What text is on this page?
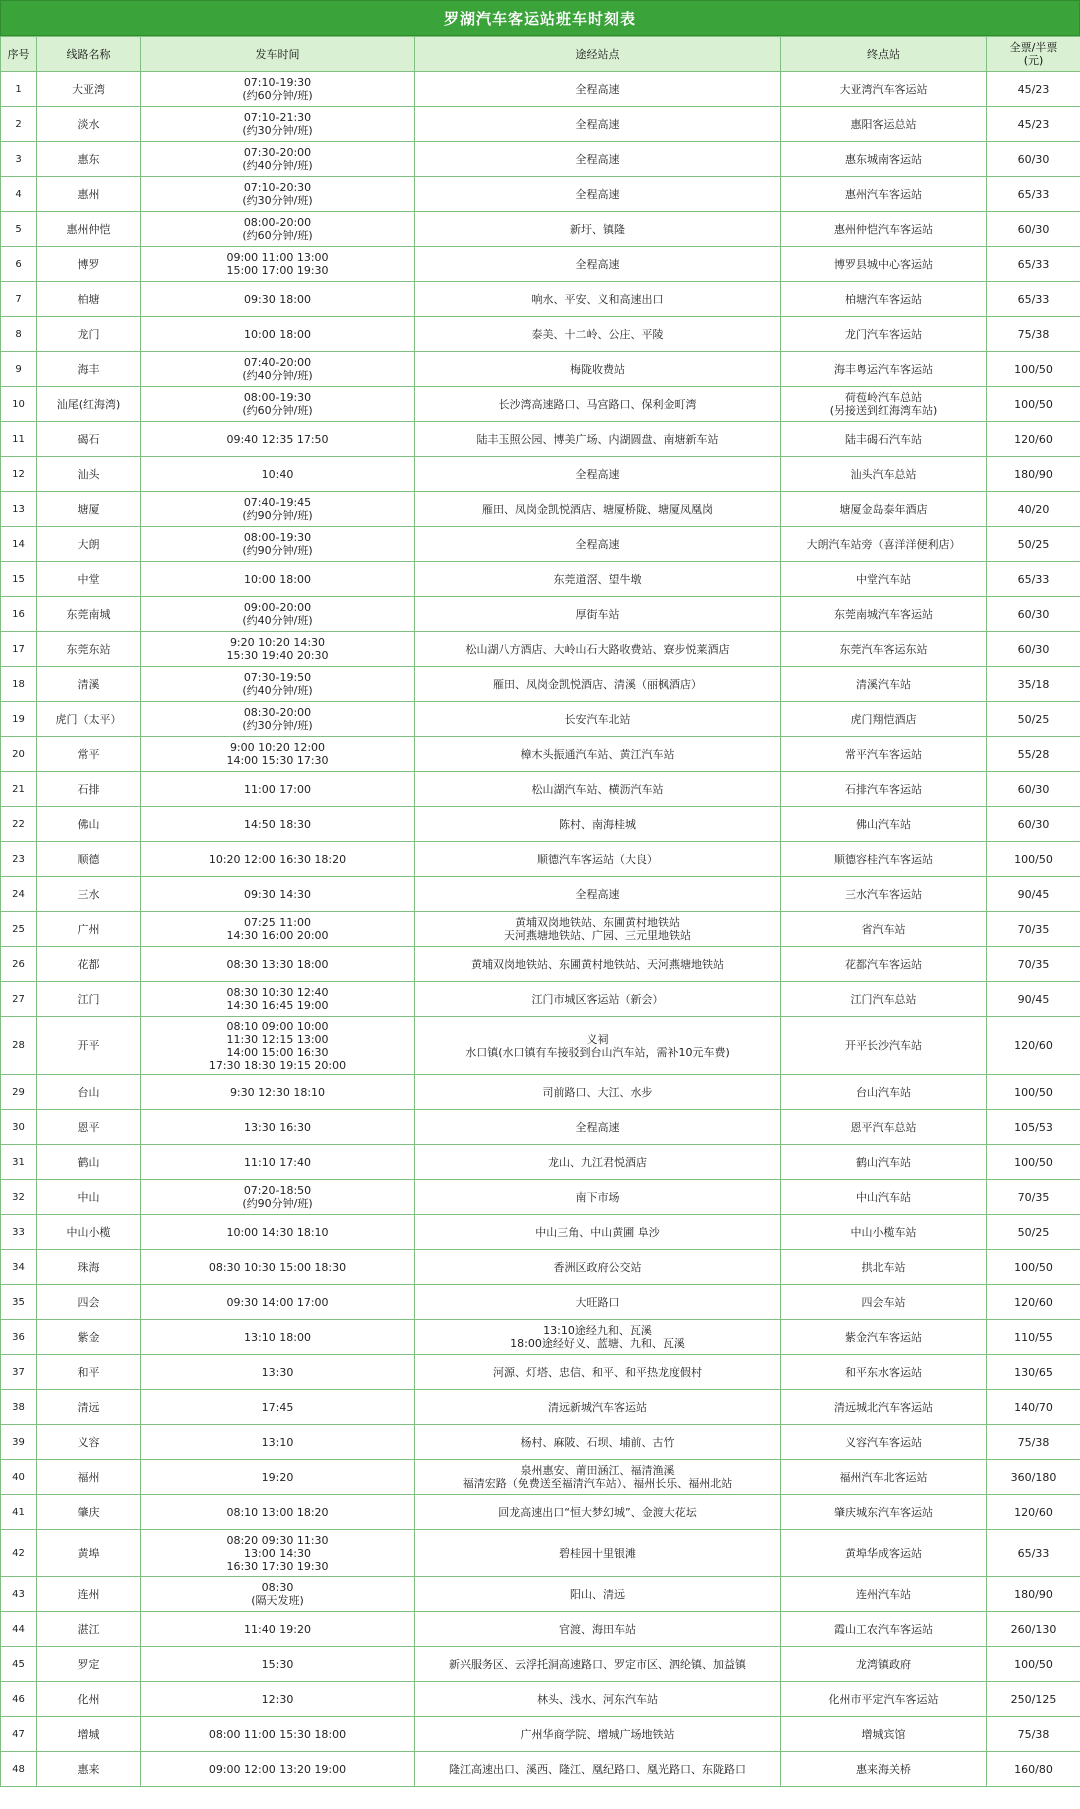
罗湖汽车客运站班车时刻表
序号	线路名称	发车时间	途经站点	终点站	全票/半票
(元)
1	大亚湾	07:10-19:30
(约60分钟/班)	全程高速	大亚湾汽车客运站	45/23
2	淡水	07:10-21:30
(约30分钟/班)	全程高速	惠阳客运总站	45/23
3	惠东	07:30-20:00
(约40分钟/班)	全程高速	惠东城南客运站	60/30
4	惠州	07:10-20:30
(约30分钟/班)	全程高速	惠州汽车客运站	65/33
5	惠州仲恺	08:00-20:00
(约60分钟/班)	新圩、镇隆	惠州仲恺汽车客运站	60/30
6	博罗	09:00 11:00 13:00
15:00 17:00 19:30	全程高速	博罗县城中心客运站	65/33
7	柏塘	09:30 18:00	响水、平安、义和高速出口	柏塘汽车客运站	65/33
8	龙门	10:00 18:00	泰美、十二岭、公庄、平陵	龙门汽车客运站	75/38
9	海丰	07:40-20:00
(约40分钟/班)	梅陇收费站	海丰粤运汽车客运站	100/50
10	汕尾(红海湾)	08:00-19:30
(约60分钟/班)	长沙湾高速路口、马宫路口、保利金町湾	荷苞岭汽车总站
(另接送到红海湾车站)	100/50
11	碣石	09:40 12:35 17:50	陆丰玉照公园、博美广场、内湖圆盘、南塘新车站	陆丰碣石汽车站	120/60
12	汕头	10:40	全程高速	汕头汽车总站	180/90
13	塘厦	07:40-19:45
(约90分钟/班)	雁田、凤岗金凯悦酒店、塘厦桥陇、塘厦凤凰岗	塘厦金岛泰年酒店	40/20
14	大朗	08:00-19:30
(约90分钟/班)	全程高速	大朗汽车站旁（喜洋洋便利店）	50/25
15	中堂	10:00 18:00	东莞道滘、望牛墩	中堂汽车站	65/33
16	东莞南城	09:00-20:00
(约40分钟/班)	厚街车站	东莞南城汽车客运站	60/30
17	东莞东站	9:20 10:20 14:30
15:30 19:40 20:30	松山湖八方酒店、大岭山石大路收费站、寮步悦莱酒店	东莞汽车客运东站	60/30
18	清溪	07:30-19:50
(约40分钟/班)	雁田、凤岗金凯悦酒店、清溪（丽枫酒店）	清溪汽车站	35/18
19	虎门（太平）	08:30-20:00
(约30分钟/班)	长安汽车北站	虎门翔恺酒店	50/25
20	常平	9:00 10:20 12:00
14:00 15:30 17:30	樟木头振通汽车站、黄江汽车站	常平汽车客运站	55/28
21	石排	11:00 17:00	松山湖汽车站、横沥汽车站	石排汽车客运站	60/30
22	佛山	14:50 18:30	陈村、南海桂城	佛山汽车站	60/30
23	顺德	10:20 12:00 16:30 18:20	顺德汽车客运站（大良）	顺德容桂汽车客运站	100/50
24	三水	09:30 14:30	全程高速	三水汽车客运站	90/45
25	广州	07:25 11:00
14:30 16:00 20:00	黄埔双岗地铁站、东圃黄村地铁站
天河燕塘地铁站、广园、三元里地铁站	省汽车站	70/35
26	花都	08:30 13:30 18:00	黄埔双岗地铁站、东圃黄村地铁站、天河燕塘地铁站	花都汽车客运站	70/35
27	江门	08:30 10:30 12:40
14:30 16:45 19:00	江门市城区客运站（新会）	江门汽车总站	90/45
28	开平	08:10 09:00 10:00
11:30 12:15 13:00
14:00 15:00 16:30
17:30 18:30 19:15 20:00	义祠
水口镇(水口镇有车接驳到台山汽车站，需补10元车费)	开平长沙汽车站	120/60
29	台山	9:30 12:30 18:10	司前路口、大江、水步	台山汽车站	100/50
30	恩平	13:30 16:30	全程高速	恩平汽车总站	105/53
31	鹤山	11:10 17:40	龙山、九江君悦酒店	鹤山汽车站	100/50
32	中山	07:20-18:50
(约90分钟/班)	南下市场	中山汽车站	70/35
33	中山小榄	10:00 14:30 18:10	中山三角、中山黄圃 阜沙	中山小榄车站	50/25
34	珠海	08:30 10:30 15:00 18:30	香洲区政府公交站	拱北车站	100/50
35	四会	09:30 14:00 17:00	大旺路口	四会车站	120/60
36	紫金	13:10 18:00	13:10途经九和、瓦溪
18:00途经好义、蓝塘、九和、瓦溪	紫金汽车客运站	110/55
37	和平	13:30	河源、灯塔、忠信、和平、和平热龙度假村	和平东水客运站	130/65
38	清远	17:45	清远新城汽车客运站	清远城北汽车客运站	140/70
39	义容	13:10	杨村、麻陂、石坝、埔前、古竹	义容汽车客运站	75/38
40	福州	19:20	泉州惠安、莆田涵江、福清渔溪
福清宏路（免费送至福清汽车站）、福州长乐、福州北站	福州汽车北客运站	360/180
41	肇庆	08:10 13:00 18:20	回龙高速出口“恒大梦幻城”、金渡大花坛	肇庆城东汽车客运站	120/60
42	黄埠	08:20 09:30 11:30
13:00 14:30
16:30 17:30 19:30	碧桂园十里银滩	黄埠华成客运站	65/33
43	连州	08:30
(隔天发班)	阳山、清远	连州汽车站	180/90
44	湛江	11:40 19:20	官渡、海田车站	霞山工农汽车客运站	260/130
45	罗定	15:30	新兴服务区、云浮托洞高速路口、罗定市区、泗纶镇、加益镇	龙湾镇政府	100/50
46	化州	12:30	林头、浅水、河东汽车站	化州市平定汽车客运站	250/125
47	增城	08:00 11:00 15:30 18:00	广州华商学院、增城广场地铁站	增城宾馆	75/38
48	惠来	09:00 12:00 13:20 19:00	隆江高速出口、溪西、隆江、凰纪路口、凰光路口、东陇路口	惠来海关桥	160/80
